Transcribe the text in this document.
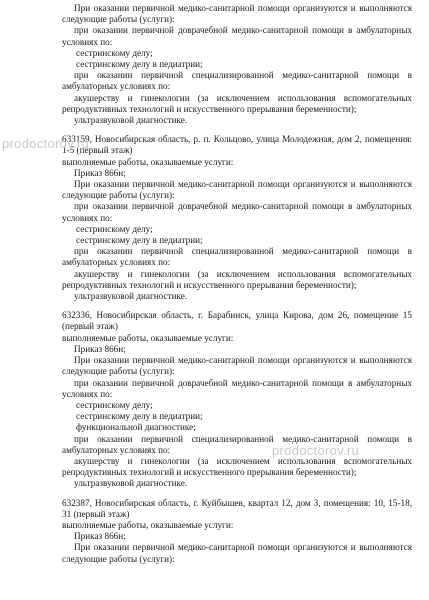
При оказании первичной медико-санитарной помощи организуются и выполняются следующие работы (услуги):

при оказании первичной доврачебной медико-санитарной помощи в амбулаторных условиях по:

сестринскому делу;

сестринскому делу в педиатрии;

при оказании первичной специализированной медико-санитарной помощи в амбулаторных условиях по:

акушерству и гинекологии (за исключением использования вспомогательных репродуктивных технологий и искусственного прерывания беременности);

ультразвуковой диагностике.

633159, Новосибирская область, р. п. Кольцово, улица Молодежная, дом 2, помещения: 1-5 (первый этаж)

выполняемые работы, оказываемые услуги:

Приказ 866н;

При оказании первичной медико-санитарной помощи организуются и выполняются следующие работы (услуги):

при оказании первичной доврачебной медико-санитарной помощи в амбулаторных условиях по:

сестринскому делу;

сестринскому делу в педиатрии;

при оказании первичной специализированной медико-санитарной помощи в амбулаторных условиях по:

акушерству и гинекологии (за исключением использования вспомогательных репродуктивных технологий и искусственного прерывания беременности);

ультразвуковой диагностике.

632336, Новосибирская область, г. Барабинск, улица Кирова, дом 26, помещение 15 (первый этаж)

выполняемые работы, оказываемые услуги:

Приказ 866н;

При оказании первичной медико-санитарной помощи организуются и выполняются следующие работы (услуги):

при оказании первичной доврачебной медико-санитарной помощи в амбулаторных условиях по:

сестринскому делу;

сестринскому делу в педиатрии;

функциональной диагностике;

при оказании первичной специализированной медико-санитарной помощи в амбулаторных условиях по:

акушерству и гинекологии (за исключением использования вспомогательных репродуктивных технологий и искусственного прерывания беременности);

ультразвуковой диагностике.

632387, Новосибирская область, г. Куйбышев, квартал 12, дом 3, помещения: 10, 15-18, 31 (первый этаж)

выполняемые работы, оказываемые услуги:

Приказ 866н;

При оказании первичной медико-санитарной помощи организуются и выполняются следующие работы (услуги):

prodoctorov.ru
prodoctorov.ru
